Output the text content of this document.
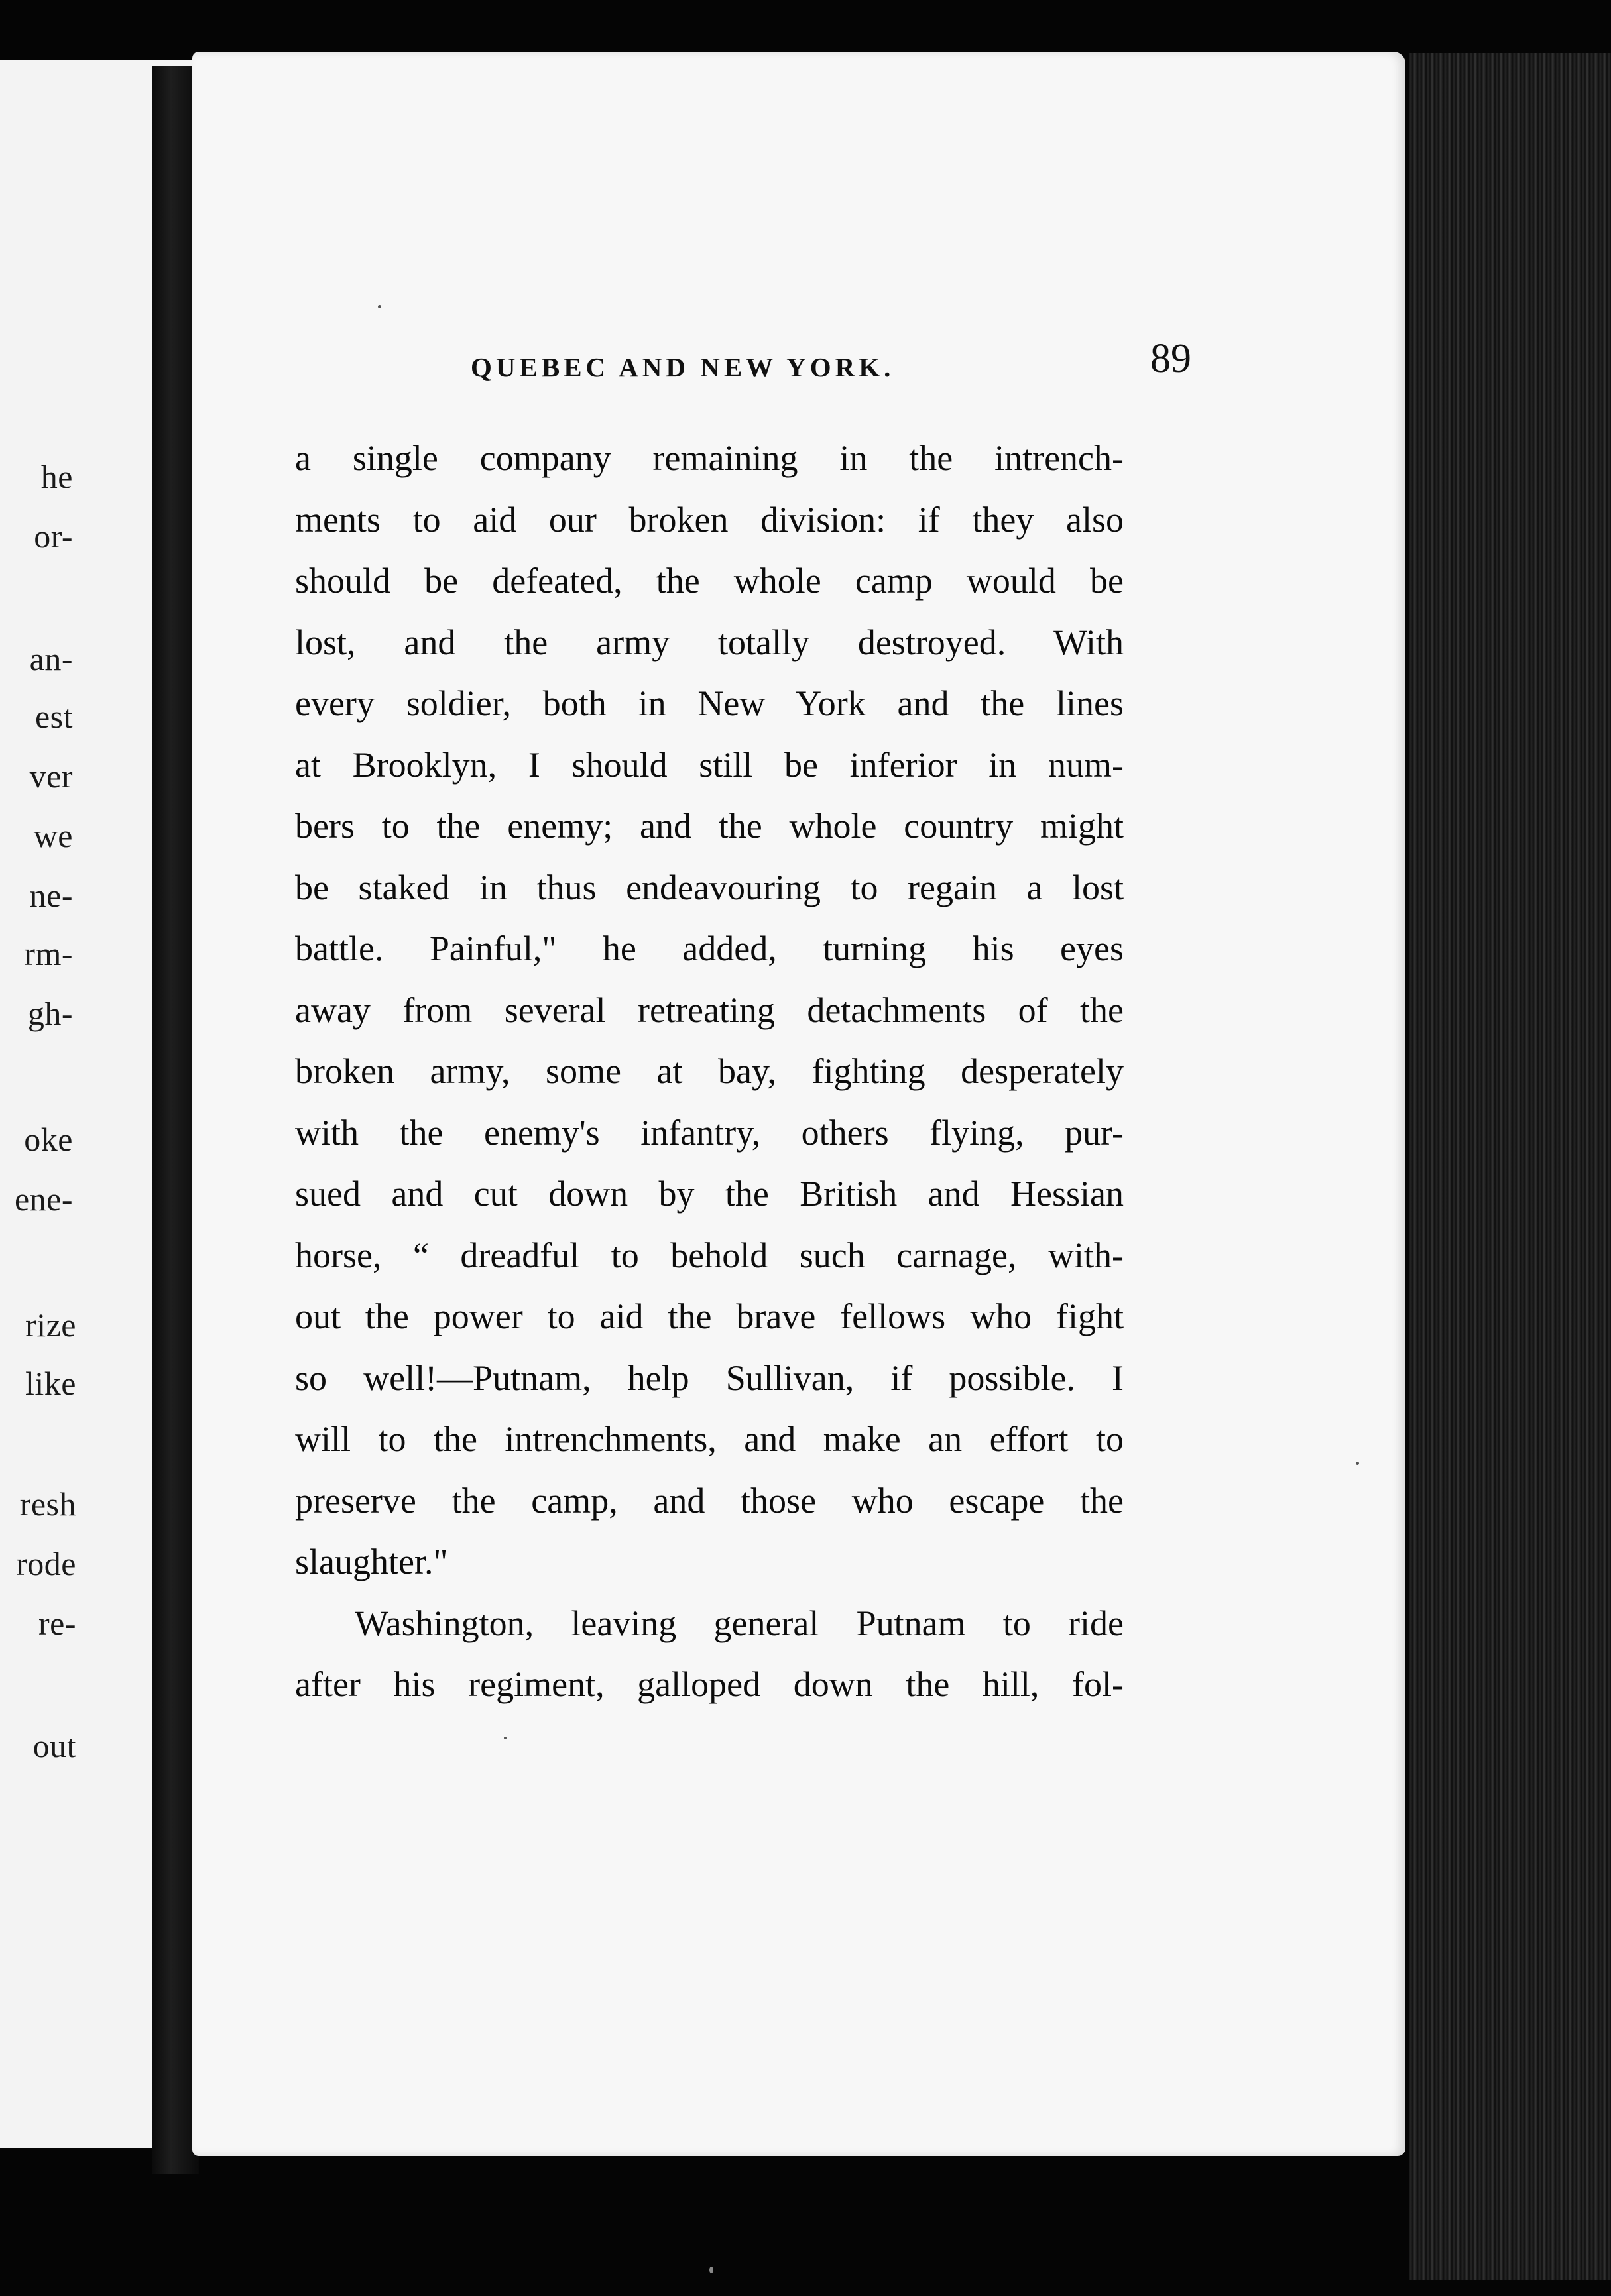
he
or-
an-
est
ver
we
ne-
rm-
gh-
oke
ene-
rize
like
resh
rode
re-
out
QUEBEC AND NEW YORK.	89
a single company remaining in the intrench-
ments to aid our broken division: if they also
should be defeated, the whole camp would be
lost, and the army totally destroyed. With
every soldier, both in New York and the lines
at Brooklyn, I should still be inferior in num-
bers to the enemy; and the whole country might
be staked in thus endeavouring to regain a lost
battle. Painful," he added, turning his eyes
away from several retreating detachments of the
broken army, some at bay, fighting desperately
with the enemy's infantry, others flying, pur-
sued and cut down by the British and Hessian
horse, “ dreadful to behold such carnage, with-
out the power to aid the brave fellows who fight
so well!—Putnam, help Sullivan, if possible. I
will to the intrenchments, and make an effort to
preserve the camp, and those who escape the
slaughter."
Washington, leaving general Putnam to ride
after his regiment, galloped down the hill, fol-
